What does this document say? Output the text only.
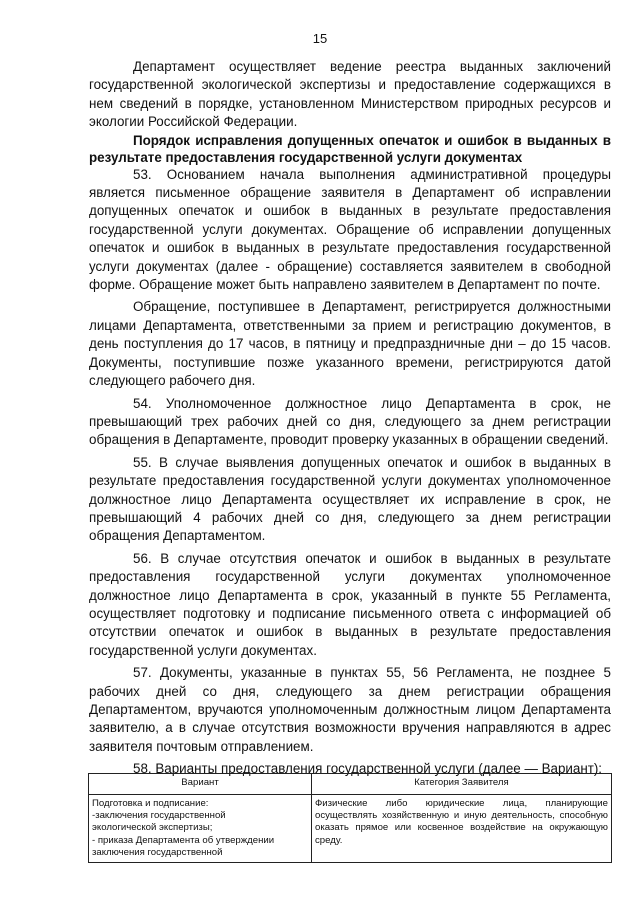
15

Департамент осуществляет ведение реестра выданных заключений государственной экологической экспертизы и предоставление содержащихся в нем сведений в порядке, установленном Министерством природных ресурсов и экологии Российской Федерации.

Порядок исправления допущенных опечаток и ошибок в выданных в результате предоставления государственной услуги документах

53. Основанием начала выполнения административной процедуры является письменное обращение заявителя в Департамент об исправлении допущенных опечаток и ошибок в выданных в результате предоставления государственной услуги документах. Обращение об исправлении допущенных опечаток и ошибок в выданных в результате предоставления государственной услуги документах (далее - обращение) составляется заявителем в свободной форме. Обращение может быть направлено заявителем в Департамент по почте.

Обращение, поступившее в Департамент, регистрируется должностными лицами Департамента, ответственными за прием и регистрацию документов, в день поступления до 17 часов, в пятницу и предпраздничные дни – до 15 часов. Документы, поступившие позже указанного времени, регистрируются датой следующего рабочего дня.

54. Уполномоченное должностное лицо Департамента в срок, не превышающий трех рабочих дней со дня, следующего за днем регистрации обращения в Департаменте, проводит проверку указанных в обращении сведений.

55. В случае выявления допущенных опечаток и ошибок в выданных в результате предоставления государственной услуги документах уполномоченное должностное лицо Департамента осуществляет их исправление в срок, не превышающий 4 рабочих дней со дня, следующего за днем регистрации обращения Департаментом.

56. В случае отсутствия опечаток и ошибок в выданных в результате предоставления государственной услуги документах уполномоченное должностное лицо Департамента в срок, указанный в пункте 55 Регламента, осуществляет подготовку и подписание письменного ответа с информацией об отсутствии опечаток и ошибок в выданных в результате предоставления государственной услуги документах.

57. Документы, указанные в пунктах 55, 56 Регламента, не позднее 5 рабочих дней со дня, следующего за днем регистрации обращения Департаментом, вручаются уполномоченным должностным лицом Департамента заявителю, а в случае отсутствия возможности вручения направляются в адрес заявителя почтовым отправлением.

58. Варианты предоставления государственной услуги (далее — Вариант):

Вариант	Категория Заявителя

Подготовка и подписание:
-заключения государственной
экологической экспертизы;
- приказа Департамента об утверждении
заключения государственной	Физические либо юридические лица, планирующие осуществлять хозяйственную и иную деятельность, способную оказать прямое или косвенное воздействие на окружающую среду.
